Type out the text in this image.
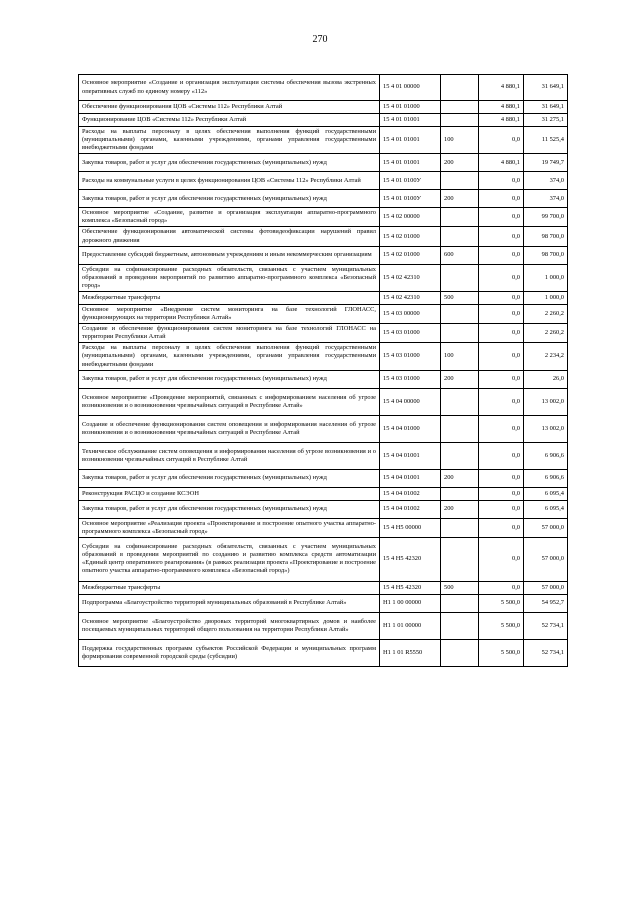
270
Основное мероприятие «Создание и организация эксплуатации системы обеспечения вызова экстренных оперативных служб по единому номеру «112»	15 4 01 00000		4 880,1	31 649,1
Обеспечение функционирования ЦОВ «Системы 112» Республики Алтай	15 4 01 01000		4 880,1	31 649,1
Функционирование ЦОВ «Системы 112» Республики Алтай	15 4 01 01001		4 880,1	31 275,1
Расходы на выплаты персоналу в целях обеспечения выполнения функций государственными (муниципальными) органами, казенными учреждениями, органами управления государственными внебюджетными фондами	15 4 01 01001	100	0,0	11 525,4
Закупка товаров, работ и услуг для обеспечения государственных (муниципальных) нужд	15 4 01 01001	200	4 880,1	19 749,7
Расходы на коммунальные услуги в целях функционирования ЦОВ «Системы 112» Республики Алтай	15 4 01 0100У		0,0	374,0
Закупка товаров, работ и услуг для обеспечения государственных (муниципальных) нужд	15 4 01 0100У	200	0,0	374,0
Основное мероприятие «Создание, развитие и организация эксплуатации аппаратно-программного комплекса «Безопасный город»	15 4 02 00000		0,0	99 700,0
Обеспечение функционирования автоматической системы фотовидеофиксации нарушений правил дорожного движения	15 4 02 01000		0,0	98 700,0
Предоставление субсидий бюджетным, автономным учреждениям и иным некоммерческим организациям	15 4 02 01000	600	0,0	98 700,0
Субсидии на софинансирование расходных обязательств, связанных с участием муниципальных образований в проведении мероприятий по развитию аппаратно-программного комплекса «Безопасный город»	15 4 02 42310		0,0	1 000,0
Межбюджетные трансферты	15 4 02 42310	500	0,0	1 000,0
Основное мероприятие «Внедрение систем мониторинга на базе технологий ГЛОНАСС, функционирующих на территории Республики Алтай»	15 4 03 00000		0,0	2 260,2
Создание и обеспечение функционирования систем мониторинга на базе технологий ГЛОНАСС на территории Республики Алтай	15 4 03 01000		0,0	2 260,2
Расходы на выплаты персоналу в целях обеспечения выполнения функций государственными (муниципальными) органами, казенными учреждениями, органами управления государственными внебюджетными фондами	15 4 03 01000	100	0,0	2 234,2
Закупка товаров, работ и услуг для обеспечения государственных (муниципальных) нужд	15 4 03 01000	200	0,0	26,0
Основное мероприятие «Проведение мероприятий, связанных с информированием населения об угрозе возникновения и о возникновении чрезвычайных ситуаций в Республике Алтай»	15 4 04 00000		0,0	13 002,0
Создание и обеспечение функционирования систем оповещения и информирования населения об угрозе возникновения и о возникновении чрезвычайных ситуаций в Республике Алтай	15 4 04 01000		0,0	13 002,0
Техническое обслуживание систем оповещения и информирования населения об угрозе возникновения и о возникновении чрезвычайных ситуаций в Республике Алтай	15 4 04 01001		0,0	6 906,6
Закупка товаров, работ и услуг для обеспечения государственных (муниципальных) нужд	15 4 04 01001	200	0,0	6 906,6
Реконструкция РАСЦО и создание КСЭОН	15 4 04 01002		0,0	6 095,4
Закупка товаров, работ и услуг для обеспечения государственных (муниципальных) нужд	15 4 04 01002	200	0,0	6 095,4
Основное мероприятие «Реализация проекта «Проектирование и построение опытного участка аппаратно-программного комплекса «Безопасный город»	15 4 Н5 00000		0,0	57 000,0
Субсидии на софинансирование расходных обязательств, связанных с участием муниципальных образований в проведении мероприятий по созданию и развитию комплекса средств автоматизации «Единый центр оперативного реагирования» (в рамках реализации проекта «Проектирование и построение опытного участка аппаратно-программного комплекса «Безопасный город»)	15 4 Н5 42320		0,0	57 000,0
Межбюджетные трансферты	15 4 Н5 42320	500	0,0	57 000,0
Подпрограмма «Благоустройство территорий муниципальных образований в Республике Алтай»	Н1 1 00 00000		5 500,0	54 952,7
Основное мероприятие «Благоустройство дворовых территорий многоквартирных домов и наиболее посещаемых муниципальных территорий общего пользования на территории Республики Алтай»	Н1 1 01 00000		5 500,0	52 734,1
Поддержка государственных программ субъектов Российской Федерации и муниципальных программ формирования современной городской среды (субсидии)	Н1 1 01 R5550		5 500,0	52 734,1
